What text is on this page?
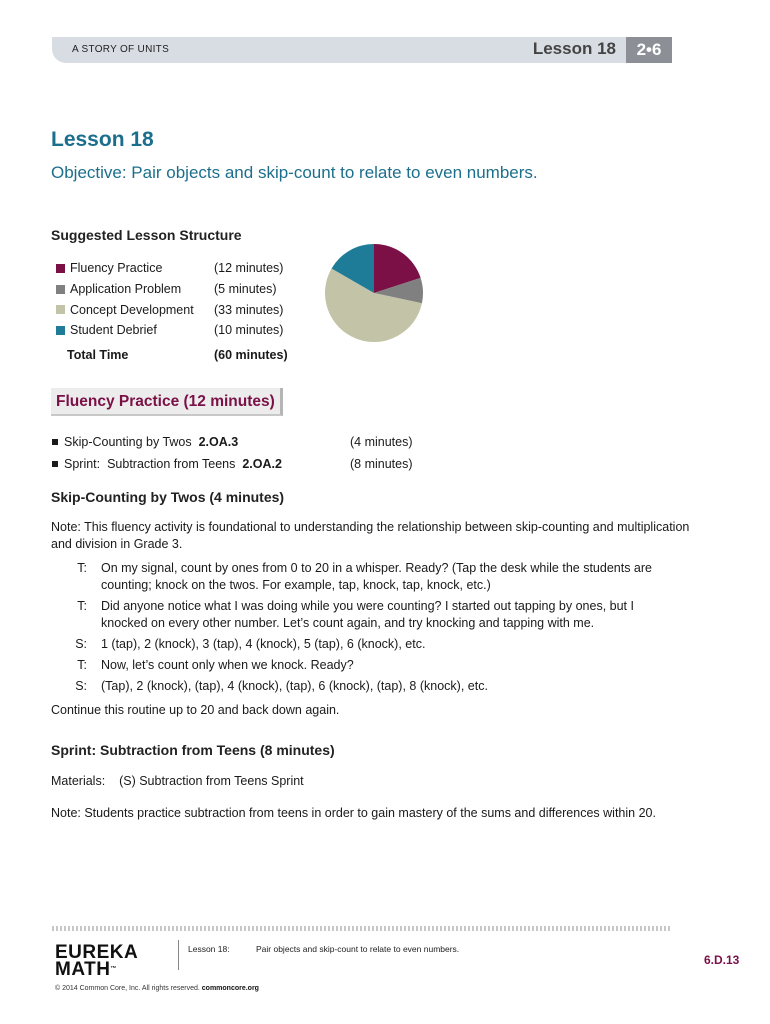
A STORY OF UNITS	Lesson 18	2•6
Lesson 18
Objective: Pair objects and skip-count to relate to even numbers.
Suggested Lesson Structure
Fluency Practice	(12 minutes)
Application Problem	(5 minutes)
Concept Development	(33 minutes)
Student Debrief	(10 minutes)
Total Time	(60 minutes)
Fluency Practice (12 minutes)
Skip-Counting by Twos 2.OA.3	(4 minutes)
Sprint:  Subtraction from Teens 2.OA.2	(8 minutes)
Skip-Counting by Twos (4 minutes)
Note: This fluency activity is foundational to understanding the relationship between skip-counting and multiplication and division in Grade 3.
T:	On my signal, count by ones from 0 to 20 in a whisper. Ready? (Tap the desk while the students are counting; knock on the twos. For example, tap, knock, tap, knock, etc.)
T:	Did anyone notice what I was doing while you were counting? I started out tapping by ones, but I knocked on every other number. Let’s count again, and try knocking and tapping with me.
S:	1 (tap), 2 (knock), 3 (tap), 4 (knock), 5 (tap), 6 (knock), etc.
T:	Now, let’s count only when we knock. Ready?
S:	(Tap), 2 (knock), (tap), 4 (knock), (tap), 6 (knock), (tap), 8 (knock), etc.
Continue this routine up to 20 and back down again.
Sprint: Subtraction from Teens (8 minutes)
Materials:    (S) Subtraction from Teens Sprint
Note: Students practice subtraction from teens in order to gain mastery of the sums and differences within 20.
EUREKA
MATH™
Lesson 18:	Pair objects and skip-count to relate to even numbers.
6.D.13
© 2014 Common Core, Inc. All rights reserved. commoncore.org
